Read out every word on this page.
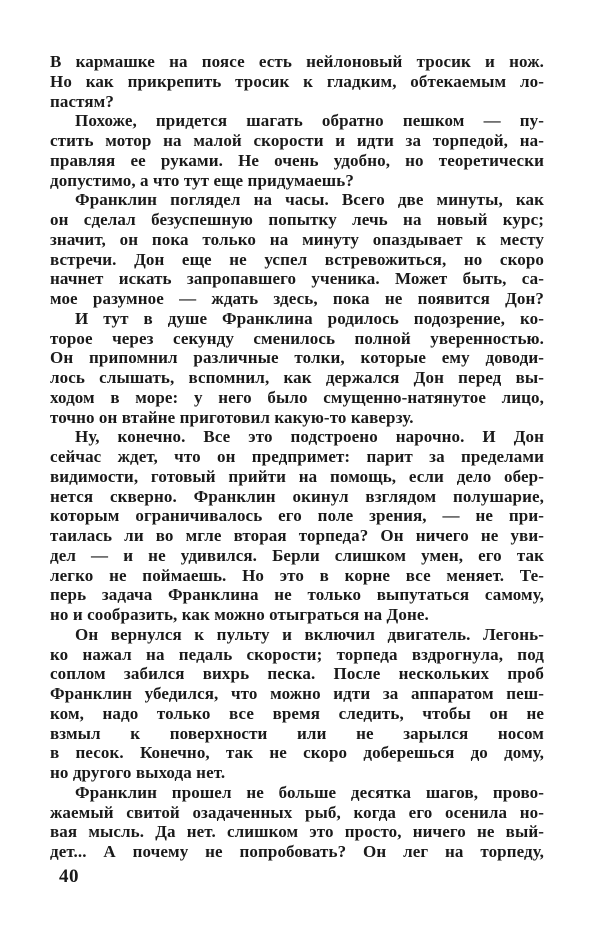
В кармашке на поясе есть нейлоновый тросик и нож.
Но как прикрепить тросик к гладким, обтекаемым ло-
пастям?
Похоже, придется шагать обратно пешком — пу-
стить мотор на малой скорости и идти за торпедой, на-
правляя ее руками. Не очень удобно, но теоретически
допустимо, а что тут еще придумаешь?
Франклин поглядел на часы. Всего две минуты, как
он сделал безуспешную попытку лечь на новый курс;
значит, он пока только на минуту опаздывает к месту
встречи. Дон еще не успел встревожиться, но скоро
начнет искать запропавшего ученика. Может быть, са-
мое разумное — ждать здесь, пока не появится Дон?
И тут в душе Франклина родилось подозрение, ко-
торое через секунду сменилось полной уверенностью.
Он припомнил различные толки, которые ему доводи-
лось слышать, вспомнил, как держался Дон перед вы-
ходом в море: у него было смущенно-натянутое лицо,
точно он втайне приготовил какую-то каверзу.
Ну, конечно. Все это подстроено нарочно. И Дон
сейчас ждет, что он предпримет: парит за пределами
видимости, готовый прийти на помощь, если дело обер-
нется скверно. Франклин окинул взглядом полушарие,
которым ограничивалось его поле зрения, — не при-
таилась ли во мгле вторая торпеда? Он ничего не уви-
дел — и не удивился. Берли слишком умен, его так
легко не поймаешь. Но это в корне все меняет. Те-
перь задача Франклина не только выпутаться самому,
но и сообразить, как можно отыграться на Доне.
Он вернулся к пульту и включил двигатель. Легонь-
ко нажал на педаль скорости; торпеда вздрогнула, под
соплом забился вихрь песка. После нескольких проб
Франклин убедился, что можно идти за аппаратом пеш-
ком, надо только все время следить, чтобы он не
взмыл к поверхности или не зарылся носом
в песок. Конечно, так не скоро доберешься до дому,
но другого выхода нет.
Франклин прошел не больше десятка шагов, прово-
жаемый свитой озадаченных рыб, когда его осенила но-
вая мысль. Да нет. слишком это просто, ничего не вый-
дет... А почему не попробовать? Он лег на торпеду,
40
